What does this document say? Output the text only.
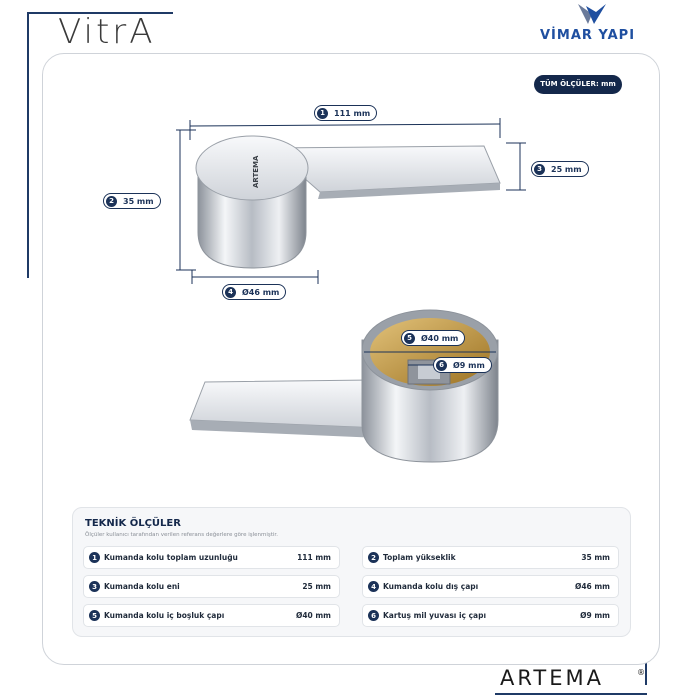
VitrA	VİMAR YAPI
TÜM ÖLÇÜLER: mm
ARTEMA
1	111 mm
2	35 mm
3	25 mm
4	Ø46 mm
5	Ø40 mm
6	Ø9 mm
TEKNİK ÖLÇÜLER
Ölçüler kullanıcı tarafından verilen referans değerlere göre işlenmiştir.
1 Kumanda kolu toplam uzunluğu	111 mm	2 Toplam yükseklik	35 mm
3 Kumanda kolu eni	25 mm	4 Kumanda kolu dış çapı	Ø46 mm
5 Kumanda kolu iç boşluk çapı	Ø40 mm	6 Kartuş mil yuvası iç çapı	Ø9 mm
ARTEMA	®
